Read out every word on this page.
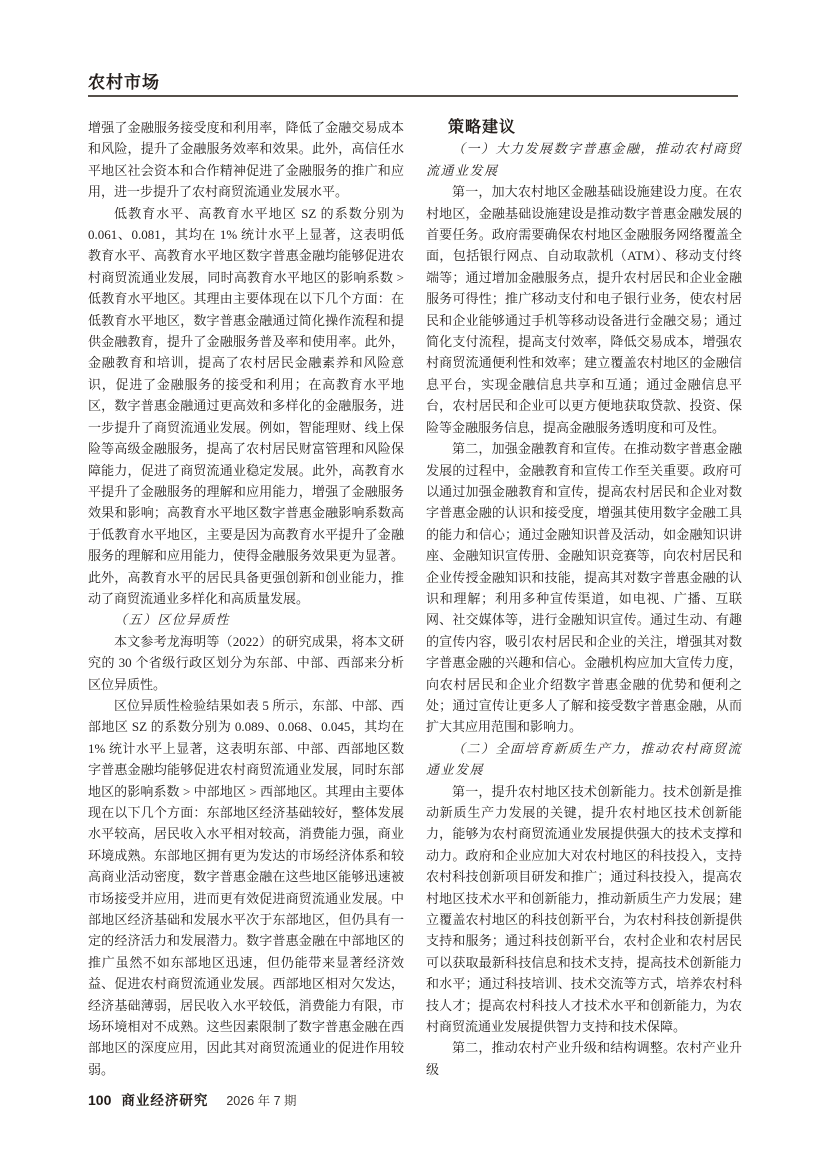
农村市场

增强了金融服务接受度和利用率，降低了金融交易成本和风险，提升了金融服务效率和效果。此外，高信任水平地区社会资本和合作精神促进了金融服务的推广和应用，进一步提升了农村商贸流通业发展水平。

低教育水平、高教育水平地区 SZ 的系数分别为 0.061、0.081，其均在 1% 统计水平上显著，这表明低教育水平、高教育水平地区数字普惠金融均能够促进农村商贸流通业发展，同时高教育水平地区的影响系数 > 低教育水平地区。其理由主要体现在以下几个方面：在低教育水平地区，数字普惠金融通过简化操作流程和提供金融教育，提升了金融服务普及率和使用率。此外，金融教育和培训，提高了农村居民金融素养和风险意识，促进了金融服务的接受和利用；在高教育水平地区，数字普惠金融通过更高效和多样化的金融服务，进一步提升了商贸流通业发展。例如，智能理财、线上保险等高级金融服务，提高了农村居民财富管理和风险保障能力，促进了商贸流通业稳定发展。此外，高教育水平提升了金融服务的理解和应用能力，增强了金融服务效果和影响；高教育水平地区数字普惠金融影响系数高于低教育水平地区，主要是因为高教育水平提升了金融服务的理解和应用能力，使得金融服务效果更为显著。此外，高教育水平的居民具备更强创新和创业能力，推动了商贸流通业多样化和高质量发展。

（五）区位异质性

本文参考龙海明等（2022）的研究成果，将本文研究的 30 个省级行政区划分为东部、中部、西部来分析区位异质性。

区位异质性检验结果如表 5 所示，东部、中部、西部地区 SZ 的系数分别为 0.089、0.068、0.045，其均在 1% 统计水平上显著，这表明东部、中部、西部地区数字普惠金融均能够促进农村商贸流通业发展，同时东部地区的影响系数 > 中部地区 > 西部地区。其理由主要体现在以下几个方面：东部地区经济基础较好，整体发展水平较高，居民收入水平相对较高，消费能力强，商业环境成熟。东部地区拥有更为发达的市场经济体系和较高商业活动密度，数字普惠金融在这些地区能够迅速被市场接受并应用，进而更有效促进商贸流通业发展。中部地区经济基础和发展水平次于东部地区，但仍具有一定的经济活力和发展潜力。数字普惠金融在中部地区的推广虽然不如东部地区迅速，但仍能带来显著经济效益、促进农村商贸流通业发展。西部地区相对欠发达，经济基础薄弱，居民收入水平较低，消费能力有限，市场环境相对不成熟。这些因素限制了数字普惠金融在西部地区的深度应用，因此其对商贸流通业的促进作用较弱。

策略建议

（一）大力发展数字普惠金融，推动农村商贸流通业发展

第一，加大农村地区金融基础设施建设力度。在农村地区，金融基础设施建设是推动数字普惠金融发展的首要任务。政府需要确保农村地区金融服务网络覆盖全面，包括银行网点、自动取款机（ATM）、移动支付终端等；通过增加金融服务点，提升农村居民和企业金融服务可得性；推广移动支付和电子银行业务，使农村居民和企业能够通过手机等移动设备进行金融交易；通过简化支付流程，提高支付效率，降低交易成本，增强农村商贸流通便利性和效率；建立覆盖农村地区的金融信息平台，实现金融信息共享和互通；通过金融信息平台，农村居民和企业可以更方便地获取贷款、投资、保险等金融服务信息，提高金融服务透明度和可及性。

第二，加强金融教育和宣传。在推动数字普惠金融发展的过程中，金融教育和宣传工作至关重要。政府可以通过加强金融教育和宣传，提高农村居民和企业对数字普惠金融的认识和接受度，增强其使用数字金融工具的能力和信心；通过金融知识普及活动，如金融知识讲座、金融知识宣传册、金融知识竞赛等，向农村居民和企业传授金融知识和技能，提高其对数字普惠金融的认识和理解；利用多种宣传渠道，如电视、广播、互联网、社交媒体等，进行金融知识宣传。通过生动、有趣的宣传内容，吸引农村居民和企业的关注，增强其对数字普惠金融的兴趣和信心。金融机构应加大宣传力度，向农村居民和企业介绍数字普惠金融的优势和便利之处；通过宣传让更多人了解和接受数字普惠金融，从而扩大其应用范围和影响力。

（二）全面培育新质生产力，推动农村商贸流通业发展

第一，提升农村地区技术创新能力。技术创新是推动新质生产力发展的关键，提升农村地区技术创新能力，能够为农村商贸流通业发展提供强大的技术支撑和动力。政府和企业应加大对农村地区的科技投入，支持农村科技创新项目研发和推广；通过科技投入，提高农村地区技术水平和创新能力，推动新质生产力发展；建立覆盖农村地区的科技创新平台，为农村科技创新提供支持和服务；通过科技创新平台，农村企业和农村居民可以获取最新科技信息和技术支持，提高技术创新能力和水平；通过科技培训、技术交流等方式，培养农村科技人才；提高农村科技人才技术水平和创新能力，为农村商贸流通业发展提供智力支持和技术保障。

第二，推动农村产业升级和结构调整。农村产业升级

100 商业经济研究 2026 年 7 期
